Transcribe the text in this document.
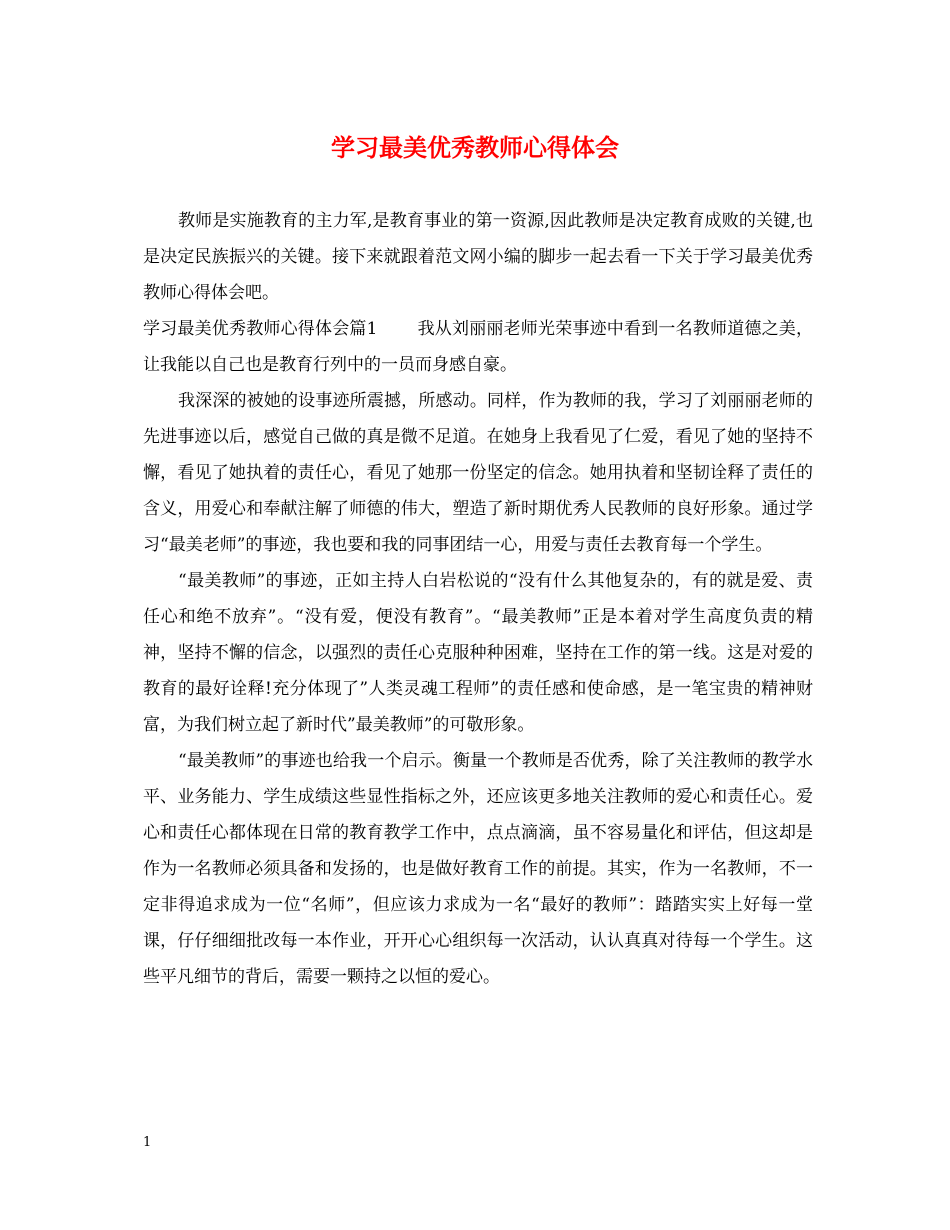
学习最美优秀教师心得体会

教师是实施教育的主力军,是教育事业的第一资源,因此教师是决定教育成败的关键,也是决定民族振兴的关键。接下来就跟着范文网小编的脚步一起去看一下关于学习最美优秀教师心得体会吧。

学习最美优秀教师心得体会篇1 我从刘丽丽老师光荣事迹中看到一名教师道德之美，让我能以自己也是教育行列中的一员而身感自豪。

我深深的被她的设事迹所震撼，所感动。同样，作为教师的我，学习了刘丽丽老师的先进事迹以后，感觉自己做的真是微不足道。在她身上我看见了仁爱，看见了她的坚持不懈，看见了她执着的责任心，看见了她那一份坚定的信念。她用执着和坚韧诠释了责任的含义，用爱心和奉献注解了师德的伟大，塑造了新时期优秀人民教师的良好形象。通过学习“最美老师”的事迹，我也要和我的同事团结一心，用爱与责任去教育每一个学生。

“最美教师”的事迹，正如主持人白岩松说的“没有什么其他复杂的，有的就是爱、责任心和绝不放弃”。“没有爱，便没有教育”。“最美教师”正是本着对学生高度负责的精神，坚持不懈的信念，以强烈的责任心克服种种困难，坚持在工作的第一线。这是对爱的教育的最好诠释!充分体现了”人类灵魂工程师”的责任感和使命感，是一笔宝贵的精神财富，为我们树立起了新时代”最美教师”的可敬形象。

“最美教师”的事迹也给我一个启示。衡量一个教师是否优秀，除了关注教师的教学水平、业务能力、学生成绩这些显性指标之外，还应该更多地关注教师的爱心和责任心。爱心和责任心都体现在日常的教育教学工作中，点点滴滴，虽不容易量化和评估，但这却是作为一名教师必须具备和发扬的，也是做好教育工作的前提。其实，作为一名教师，不一定非得追求成为一位“名师”，但应该力求成为一名“最好的教师”：踏踏实实上好每一堂课，仔仔细细批改每一本作业，开开心心组织每一次活动，认认真真对待每一个学生。这些平凡细节的背后，需要一颗持之以恒的爱心。

1
